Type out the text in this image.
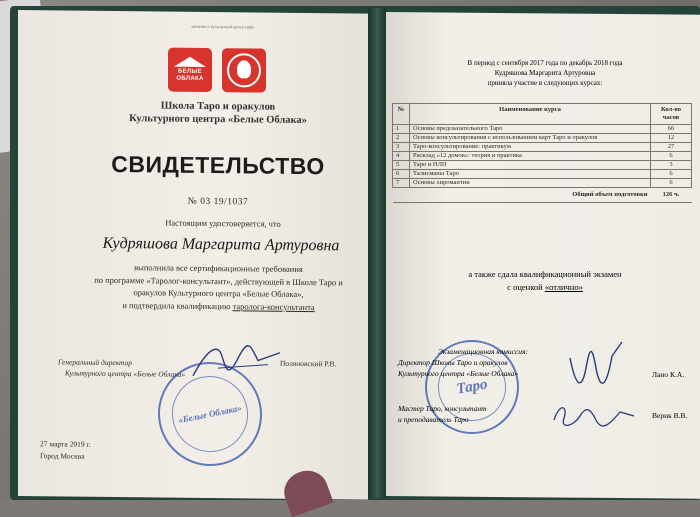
магазин и культурный центр кафе
БЕЛЫЕ ОБЛАКА
Школа Таро и оракулов
Культурного центра «Белые Облака»
СВИДЕТЕЛЬСТВО
№ 03 19/1037
Настоящим удостоверяется, что
Кудряшова Маргарита Артуровна
выполнила все сертификационные требования
по программе «Таролог-консультант», действующей в Школе Таро и
оракулов Культурного центра «Белые Облака»,
и подтвердила квалификацию таролога-консультанта
Генеральный директор
Культурного центра «Белые Облака»
Поляновский Р.В.
«Белые Облака»
27 марта 2019 г.
Город Москва
В период с сентября 2017 года по декабрь 2018 года
Кудряшова Маргарита Артуровна
приняла участие в следующих курсах:
№	Наименование курса	Кол-во часов
1	Основы предсказательного Таро	66
2	Основы консультирования с использованием карт Таро и оракулов	12
3	Таро-консультирование: практикум	27
4	Расклад «12 домов»: теория и практика	6
5	Таро и НЛП	3
6	Талисманы Таро	6
7	Основы хиромантии	6
	Общий объем подготовки	126 ч.
а также сдала квалификационный экзамен
с оценкой «отлично»
Таро
Экзаменационная комиссия:
Директор Школы Таро и оракулов
Культурного центра «Белые Облака»
Мастер Таро, консультант
и преподаватель Таро
Лано К.А.
Верик В.В.
